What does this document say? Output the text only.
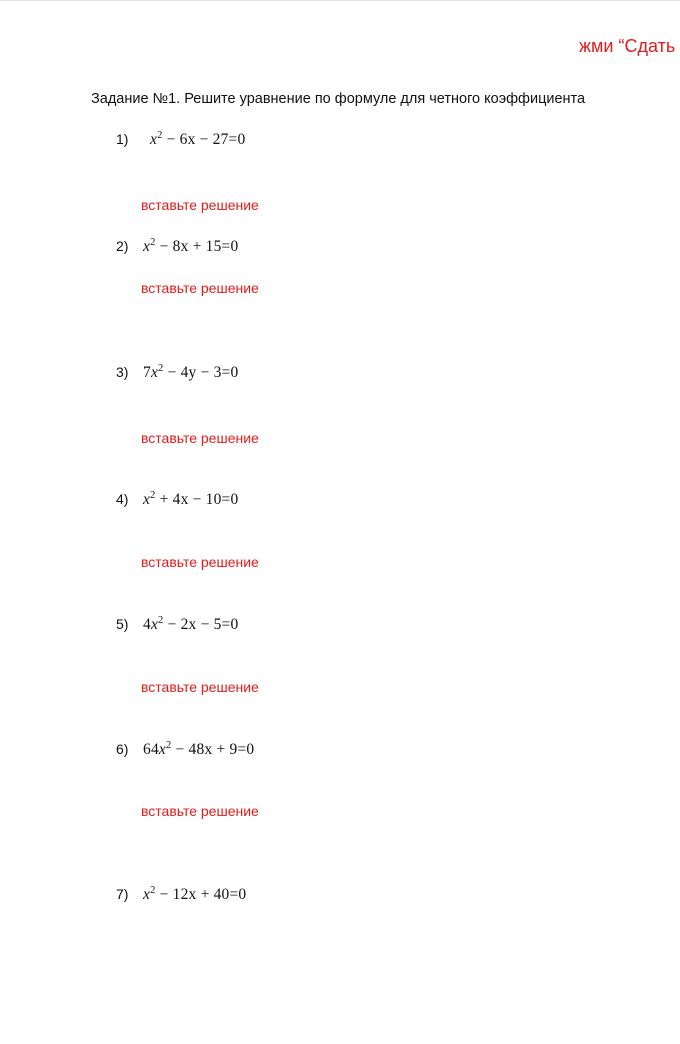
жми “Сдать
Задание №1. Решите уравнение по формуле для четного коэффициента
1)	$x^2 - 6x - 27=0$
вставьте решение
2) $x^2 - 8x + 15=0$
вставьте решение
3) $7x^2 - 4y - 3=0$
вставьте решение
4) $x^2 + 4x - 10=0$
вставьте решение
5) $4x^2 - 2x - 5=0$
вставьте решение
6) $64x^2 - 48x + 9=0$
вставьте решение
7) $x^2 - 12x + 40=0$
